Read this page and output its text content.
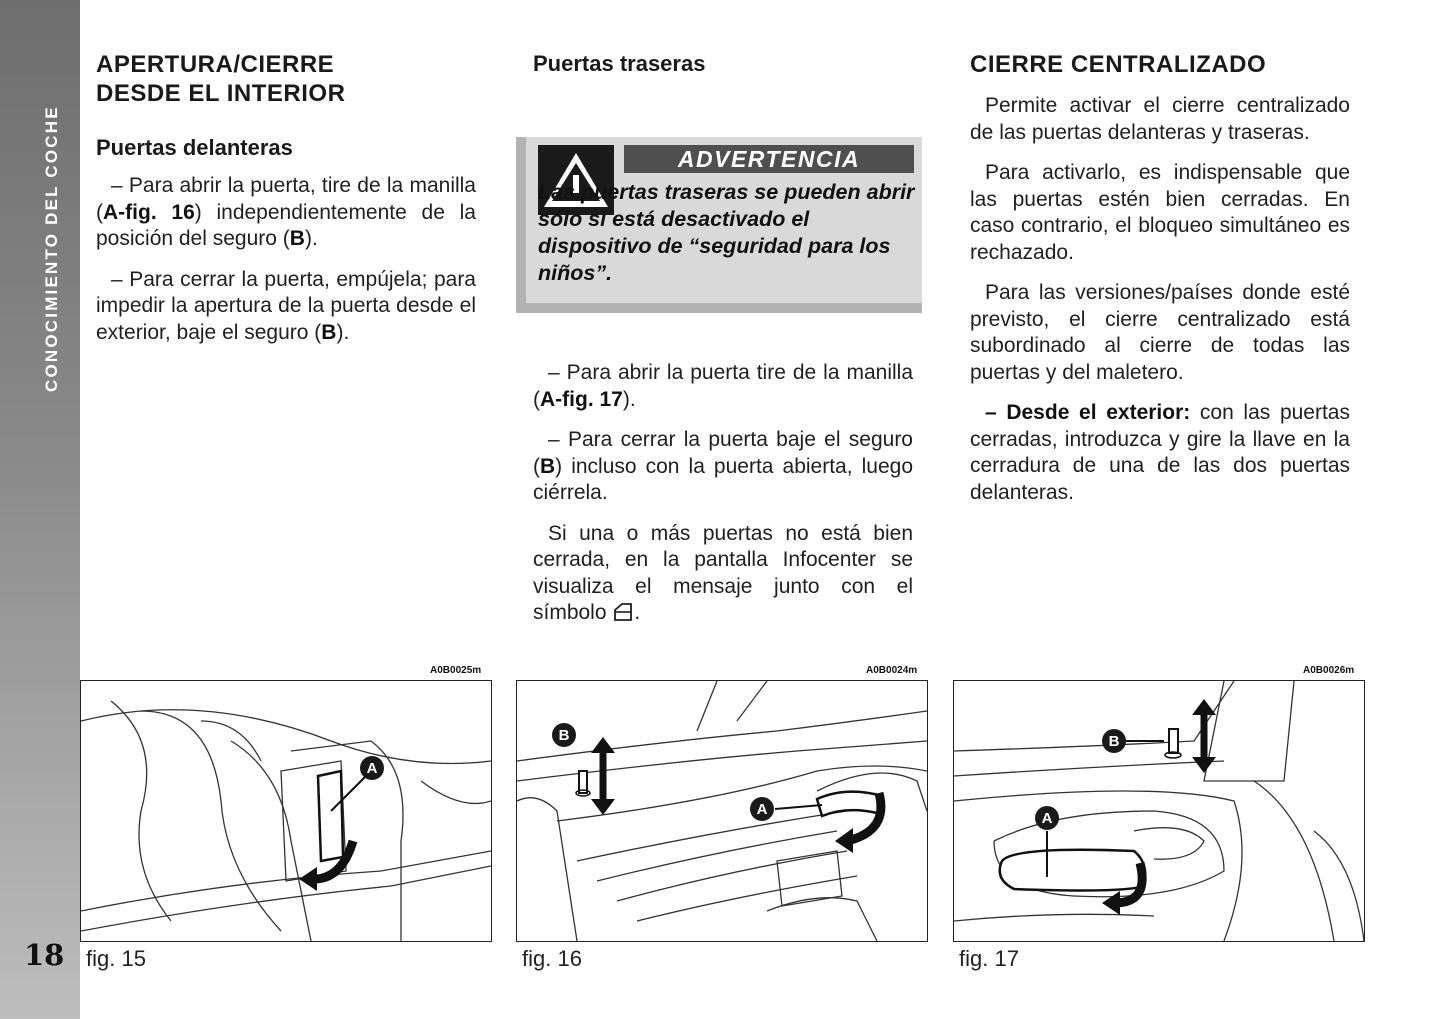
CONOCIMIENTO DEL COCHE
18
APERTURA/CIERRE
DESDE EL INTERIOR
Puertas delanteras

– Para abrir la puerta, tire de la manilla (A-fig. 16) independientemente de la posición del seguro (B).

– Para cerrar la puerta, empújela; para impedir la apertura de la puerta desde el exterior, baje el seguro (B).

Puertas traseras
ADVERTENCIA
Las puertas traseras se pueden abrir sólo si está desactivado el dispositivo de “seguridad para los niños”.

– Para abrir la puerta tire de la manilla (A-fig. 17).

– Para cerrar la puerta baje el seguro (B) incluso con la puerta abierta, luego ciérrela.

Si una o más puertas no está bien cerrada, en la pantalla Infocenter se visualiza el mensaje junto con el símbolo .

CIERRE CENTRALIZADO

Permite activar el cierre centralizado de las puertas delanteras y traseras.

Para activarlo, es indispensable que las puertas estén bien cerradas. En caso contrario, el bloqueo simultáneo es rechazado.

Para las versiones/países donde esté previsto, el cierre centralizado está subordinado al cierre de todas las puertas y del maletero.

– Desde el exterior: con las puertas cerradas, introduzca y gire la llave en la cerradura de una de las dos puertas delanteras.

A0B0025m
A
fig. 15
A0B0024m
B
A
fig. 16
A0B0026m
B
A
fig. 17
